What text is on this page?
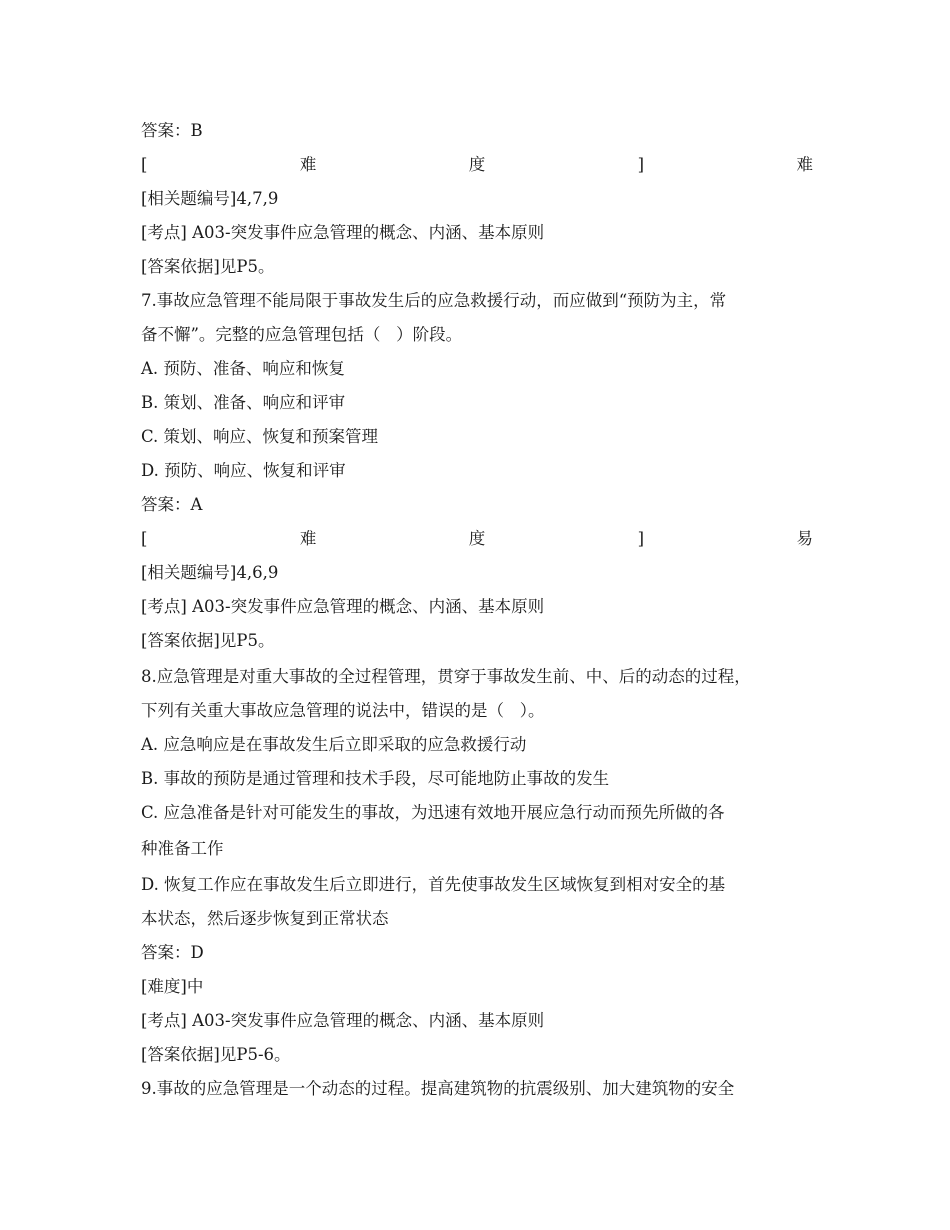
答案：B
[	难	度	]	难
[相关题编号]4,7,9
[考点] A03-突发事件应急管理的概念、内涵、基本原则
[答案依据]见P5。
7.事故应急管理不能局限于事故发生后的应急救援行动，而应做到“预防为主，常
备不懈”。完整的应急管理包括（   ）阶段。
A. 预防、准备、响应和恢复
B. 策划、准备、响应和评审
C. 策划、响应、恢复和预案管理
D. 预防、响应、恢复和评审
答案：A
[	难	度	]	易
[相关题编号]4,6,9
[考点] A03-突发事件应急管理的概念、内涵、基本原则
[答案依据]见P5。
8.应急管理是对重大事故的全过程管理，贯穿于事故发生前、中、后的动态的过程，
下列有关重大事故应急管理的说法中，错误的是（   ）。
A. 应急响应是在事故发生后立即采取的应急救援行动
B. 事故的预防是通过管理和技术手段，尽可能地防止事故的发生
C. 应急准备是针对可能发生的事故，为迅速有效地开展应急行动而预先所做的各
种准备工作
D. 恢复工作应在事故发生后立即进行，首先使事故发生区域恢复到相对安全的基
本状态，然后逐步恢复到正常状态
答案：D
[难度]中
[考点] A03-突发事件应急管理的概念、内涵、基本原则
[答案依据]见P5-6。
9.事故的应急管理是一个动态的过程。提高建筑物的抗震级别、加大建筑物的安全
